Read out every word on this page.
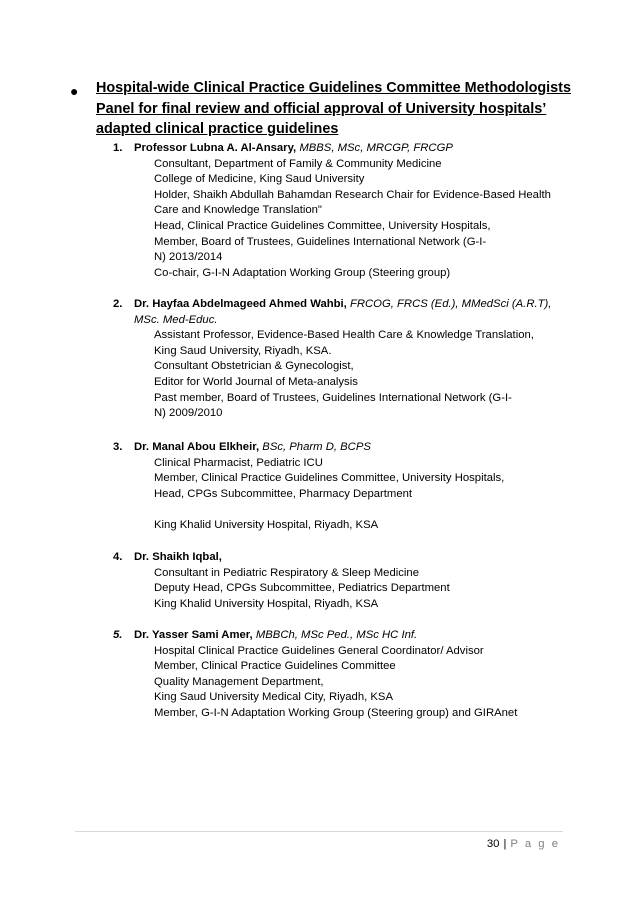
● Hospital-wide Clinical Practice Guidelines Committee Methodologists
Panel for final review and official approval of University hospitals’
adapted clinical practice guidelines
1.	Professor Lubna A. Al-Ansary, MBBS, MSc, MRCGP, FRCGP
Consultant, Department of Family & Community Medicine
College of Medicine, King Saud University
Holder, Shaikh Abdullah Bahamdan Research Chair for Evidence-Based Health
Care and Knowledge Translation"
Head, Clinical Practice Guidelines Committee, University Hospitals,
Member, Board of Trustees, Guidelines International Network (G-I-
N) 2013/2014
Co-chair, G-I-N Adaptation Working Group (Steering group)
2.	Dr. Hayfaa Abdelmageed Ahmed Wahbi, FRCOG, FRCS (Ed.), MMedSci (A.R.T),
MSc. Med-Educ.
Assistant Professor, Evidence-Based Health Care & Knowledge Translation,
King Saud University, Riyadh, KSA.
Consultant Obstetrician & Gynecologist,
Editor for World Journal of Meta-analysis
Past member, Board of Trustees, Guidelines International Network (G-I-
N) 2009/2010
3.	Dr. Manal Abou Elkheir, BSc, Pharm D, BCPS
Clinical Pharmacist, Pediatric ICU
Member, Clinical Practice Guidelines Committee, University Hospitals,
Head, CPGs Subcommittee, Pharmacy Department
King Khalid University Hospital, Riyadh, KSA
4.	Dr. Shaikh Iqbal,
Consultant in Pediatric Respiratory & Sleep Medicine
Deputy Head, CPGs Subcommittee, Pediatrics Department
King Khalid University Hospital, Riyadh, KSA
5.	Dr. Yasser Sami Amer, MBBCh, MSc Ped., MSc HC Inf.
Hospital Clinical Practice Guidelines General Coordinator/ Advisor
Member, Clinical Practice Guidelines Committee
Quality Management Department,
King Saud University Medical City, Riyadh, KSA
Member, G-I-N Adaptation Working Group (Steering group) and GIRAnet
30 | P a g e
